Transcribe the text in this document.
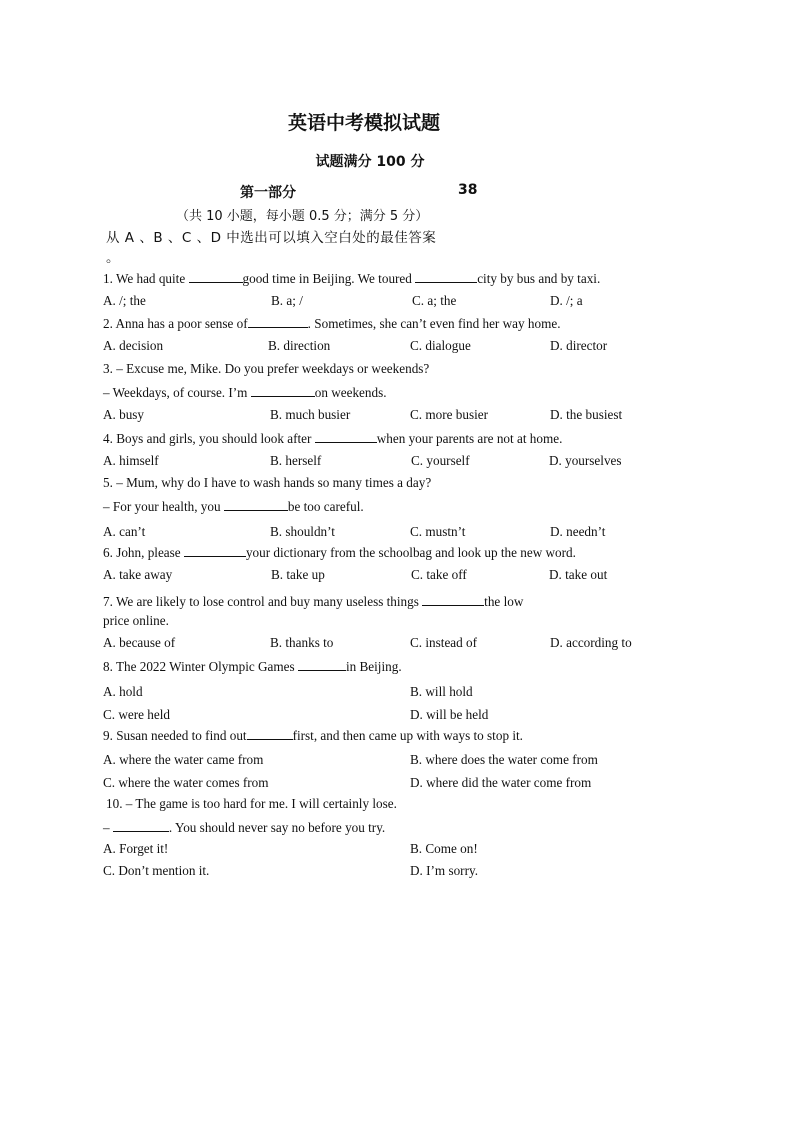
英语中考模拟试题
试题满分 100 分
第一部分	38
（共 10 小题，每小题 0.5 分；满分 5 分）
从 A 、B 、C 、D 中选出可以填入空白处的最佳答案
。
1. We had quite	good time in Beijing. We toured	city by bus and by taxi.
A. /; the	B. a; /	C. a; the	D. /; a
2. Anna has a poor sense of	. Sometimes, she can’t even find her way home.
A. decision	B. direction	C. dialogue	D. director
3. – Excuse me, Mike. Do you prefer weekdays or weekends?
– Weekdays, of course. I’m	on weekends.
A. busy	B. much busier	C. more busier	D. the busiest
4. Boys and girls, you should look after	when your parents are not at home.
A. himself	B. herself	C. yourself	D. yourselves
5. – Mum, why do I have to wash hands so many times a day?
– For your health, you	be too careful.
A. can’t	B. shouldn’t	C. mustn’t	D. needn’t
6. John, please	your dictionary from the schoolbag and look up the new word.
A. take away	B. take up	C. take off	D. take out
7. We are likely to lose control and buy many useless things	the low
price online.
A. because of	B. thanks to	C. instead of	D. according to
8. The 2022 Winter Olympic Games	in Beijing.
A. hold	B. will hold
C. were held	D. will be held
9. Susan needed to find out	first, and then came up with ways to stop it.
A. where the water came from	B. where does the water come from
C. where the water comes from	D. where did the water come from
10. – The game is too hard for me. I will certainly lose.
–	. You should never say no before you try.
A. Forget it!	B. Come on!
C. Don’t mention it.	D. I’m sorry.
